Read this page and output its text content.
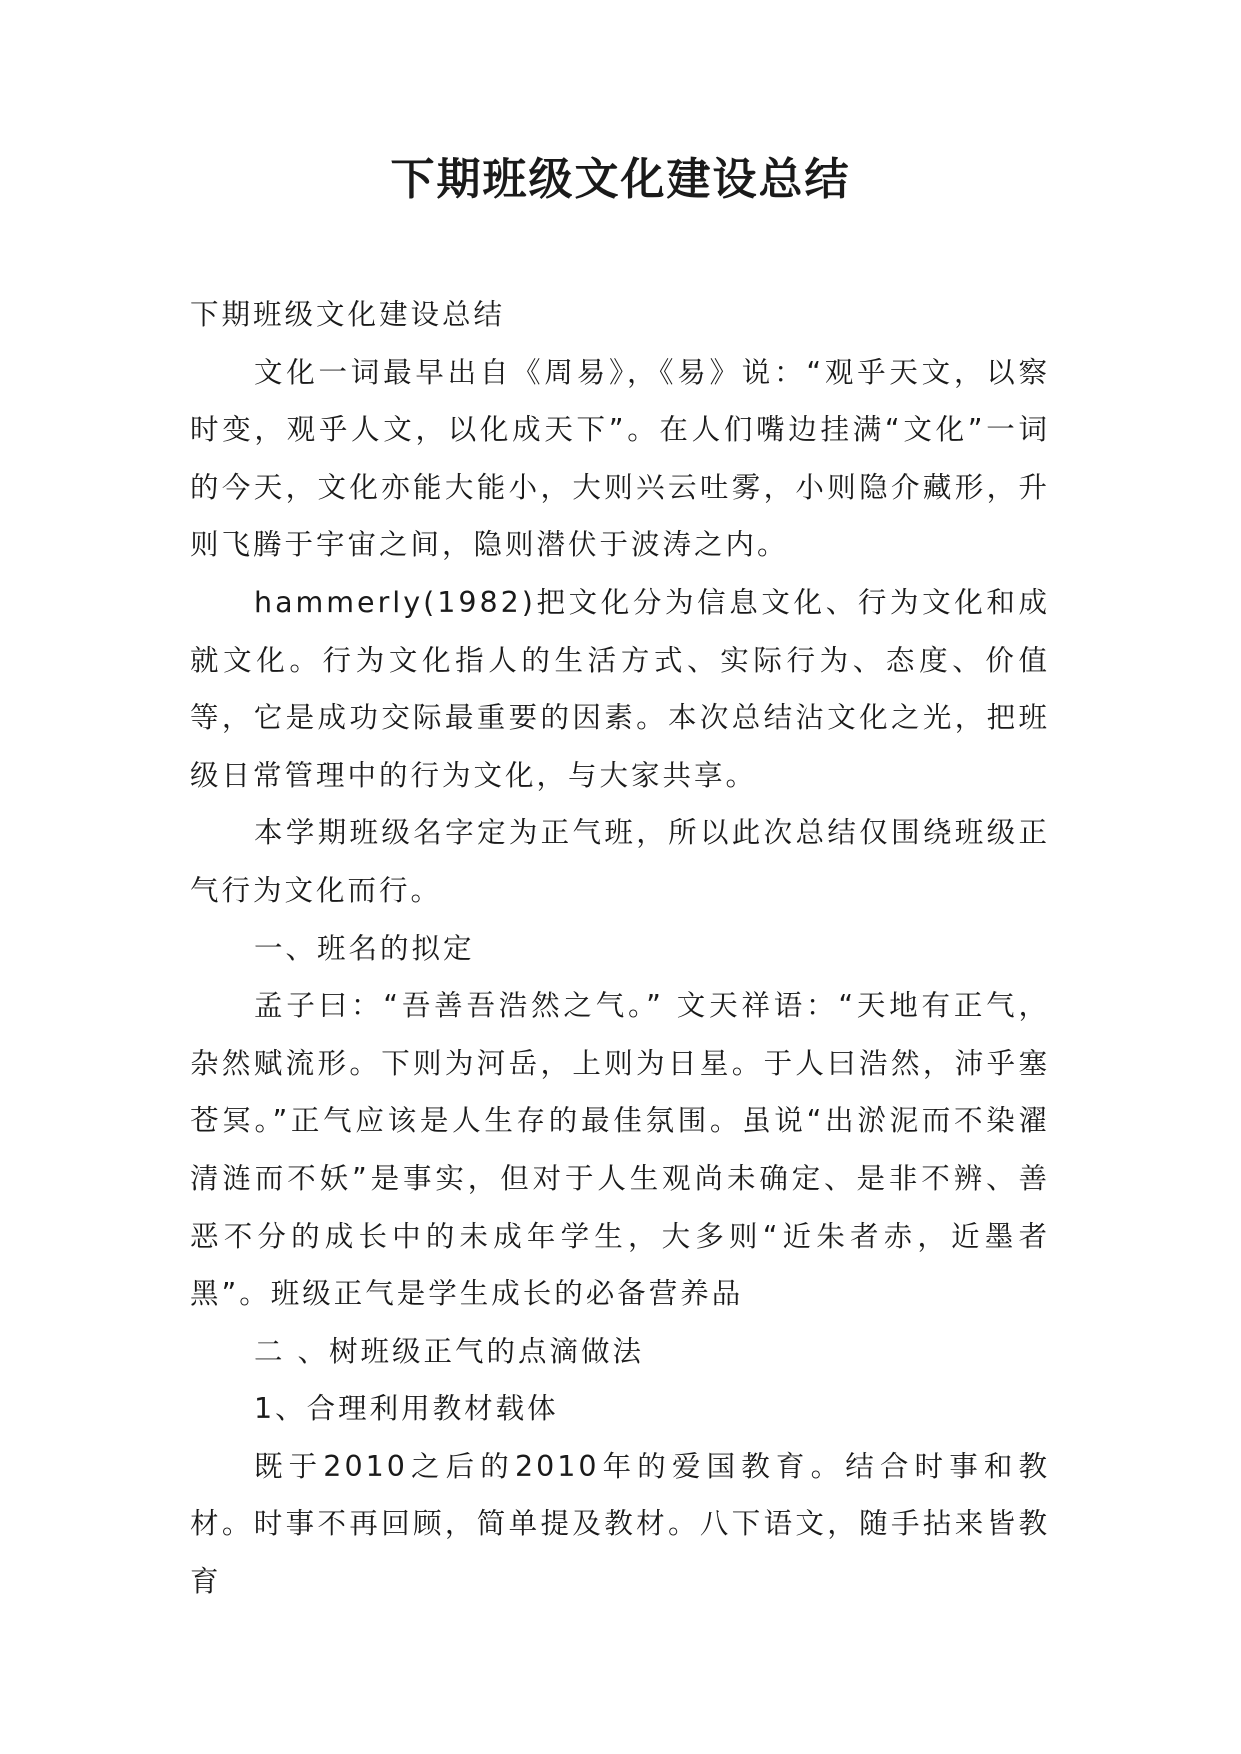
下期班级文化建设总结

下期班级文化建设总结

文化一词最早出自《周易》，《易》说：“观乎天文，以察时变，观乎人文，以化成天下”。在人们嘴边挂满“文化”一词的今天，文化亦能大能小，大则兴云吐雾，小则隐介藏形，升则飞腾于宇宙之间，隐则潜伏于波涛之内。

hammerly(1982)把文化分为信息文化、行为文化和成就文化。行为文化指人的生活方式、实际行为、态度、价值等，它是成功交际最重要的因素。本次总结沾文化之光，把班级日常管理中的行为文化，与大家共享。

本学期班级名字定为正气班，所以此次总结仅围绕班级正气行为文化而行。

一、班名的拟定

孟子曰：“吾善吾浩然之气。” 文天祥语：“天地有正气，杂然赋流形。下则为河岳，上则为日星。于人曰浩然，沛乎塞苍冥。”正气应该是人生存的最佳氛围。虽说“出淤泥而不染濯清涟而不妖”是事实，但对于人生观尚未确定、是非不辨、善恶不分的成长中的未成年学生，大多则“近朱者赤，近墨者黑”。班级正气是学生成长的必备营养品

二 、树班级正气的点滴做法

1、合理利用教材载体

既于2010之后的2010年的爱国教育。结合时事和教材。时事不再回顾，简单提及教材。八下语文，随手拈来皆教育
